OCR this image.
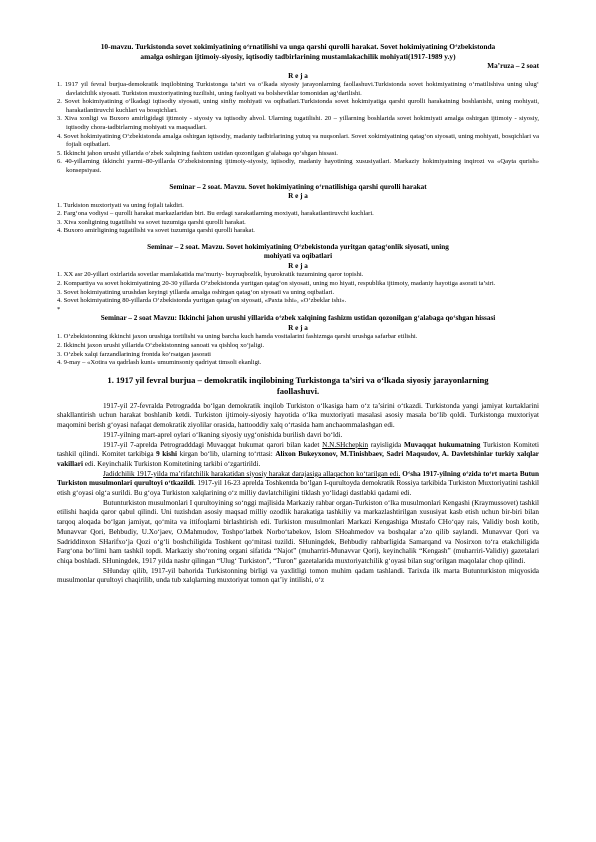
10-mavzu. Turkistonda sovet xokimiyatining o‘rnatilishi va unga qarshi qurolli harakat. Sovet hokimiyatining O‘zbekistonda
amalga oshirgan ijtimoiy-siyosiy, iqtisodiy tadbirlarining mustamlakachilik mohiyati(1917-1989 y.y)
Ma’ruza – 2 soat
R e j a
1. 1917 yil fevral burjua-demokratik inqilobining Turkistonga ta’siri va o‘lkada siyosiy jarayonlarning faollashuvi.Turkistonda sovet hokimiyatining o‘rnatilishiva uning ulug‘ davlatchilik siyosati. Turkiston muxtoriyatining tuzilishi, uning faoliyati va bolsheviklar tomonidan ag‘darilishi.
2. Sovet hokimiyatining o‘lkadagi iqtisodiy siyosati, uning sinfiy mohiyati va oqibatlari.Turkistonda sovet hokimiyatiga qarshi qurolli harakatning boshlanishi, uning mohiyati, harakatlantiruvchi kuchlari va bosqichlari.
3. Xiva xonligi va Buxoro amirligidagi ijtimoiy - siyosiy va iqtisodiy ahvol. Ularning tugatilishi. 20 – yillarning boshlarida sovet hokimiyati amalga oshirgan ijtimoiy - siyosiy, iqtisodiy chora-tadbirlarning mohiyati va maqsadlari.
4. Sovet hokimiyatining O‘zbekistonda amalga oshirgan iqtisodiy, madaniy tadbirlarining yutuq va nuqsonlari. Sovet xokimiyatining qatag‘on siyosati, uning mohiyati, bosqichlari va fojiali oqibatlari.
5. Ikkinchi jahon urushi yillarida o‘zbek xalqining fashizm ustidan qozonilgan g‘alabaga qo‘shgan hissasi.
6. 40-yillarning ikkinchi yarmi–80-yillarda O‘zbekistonning ijtimoiy-siyosiy, iqtisodiy, madaniy hayotining xususiyatlari. Markaziy hokimiyatning inqirozi va «Qayta qurish» konsepsiyasi.
Seminar – 2 soat. Mavzu. Sovet hokimiyatining o‘rnatilishiga qarshi qurolli harakat
R e j a
1. Turkiston muxtoriyati va uning fojiali takdiri.
2. Farg‘ona vodiysi – qurolli harakat markazlaridan biri. Bu erdagi xarakatlarning moxiyati, harakatlantiruvchi kuchlari.
3. Xiva xonligining tugatilishi va sovet tuzumiga qarshi qurolli harakat.
4. Buxoro amirligining tugatilishi va sovet tuzumiga qarshi qurolli harakat.
Seminar – 2 soat. Mavzu. Sovet hokimiyatining O‘zbekistonda yuritgan qatag‘onlik siyosati, uning
mohiyati va oqibatlari
R e j a
1. XX asr 20-yillari oxirlarida sovetlar mamlakatida ma’muriy- buyruqbozlik, byurokratik tuzumining qaror topishi.
2. Kompartiya va sovet hokimiyatining 20-30 yillarda O‘zbekistonda yuritgan qatag‘on siyosati, uning mo hiyati, respublika ijtimoiy, madaniy hayotiga asorati ta’siri.
3. Sovet hokimiyatining urushdan keyingi yillarda amalga oshirgan qatag‘on siyosati va uning oqibatlari.
4. Sovet hokimiyatining 80-yillarda O‘zbekistonda yuritgan qatag‘on siyosati, «Paxta ishi», «O‘zbeklar ishi».
*
Seminar – 2 soat Mavzu: Ikkinchi jahon urushi yillarida o‘zbek xalqining fashizm ustidan qozonilgan g‘alabaga qo‘shgan hissasi
R e j a
1. O‘zbekistonning ikkinchi jaxon urushiga tortilishi va uning barcha kuch hamda vositalarini fashizmga qarshi urushga safarbar etilishi.
2. Ikkinchi jaxon urushi yillarida O‘zbekistonning sanoati va qishloq xo‘jaligi.
3. O‘zbek xalqi farzandlarining frontda ko‘rsatgan jasorati
4. 9-may – «Xotira va qadrlash kuni» umuminsoniy qadriyat timsoli ekanligi.
1. 1917 yil fevral burjua – demokratik inqilobining Turkistonga ta’siri va o‘lkada siyosiy jarayonlarning
faollashuvi.

1917-yil 27-fevralda Petrogradda bo‘lgan demokratik inqilob Turkiston o‘lkasiga ham o‘z ta’sirini o‘tkazdi. Turkistonda yangi jamiyat kurtaklarini shakllantirish uchun harakat boshlanib ketdi. Turkiston ijtimoiy-siyosiy hayotida o‘lka muxtoriyati masalasi asosiy masala bo‘lib qoldi. Turkistonga muxtoriyat maqomini berish g‘oyasi nafaqat demokratik ziyolilar orasida, hattooddiy xalq o‘rtasida ham anchaommalashgan edi.

1917-yilning mart-aprel oylari o‘lkaning siyosiy uyg‘onishida burilish davri bo‘ldi.

1917-yil 7-aprelda Petrogradddagi Muvaqqat hukumat qarori bilan kadet N.N.SHchepkin rayisligida Muvaqqat hukumatning Turkiston Komiteti tashkil qilindi. Komitet tarkibiga 9 kishi kirgan bo‘lib, ularning to‘rttasi: Alixon Bukeyxonov, M.Tinishbaev, Sadri Maqsudov, A. Davletshinlar turkiy xalqlar vakillari edi. Keyinchalik Turkiston Komitetining tarkibi o‘zgartirildi.

Jadidchilik 1917-yilda ma’rifatchilik harakatidan siyosiy harakat darajasiga allaqachon ko‘tarilgan edi. O‘sha 1917-yilning o‘zida to‘rt marta Butun Turkiston musulmonlari qurultoyi o‘tkazildi. 1917-yil 16-23 aprelda Toshkentda bo‘lgan I-qurultoyda demokratik Rossiya tarkibida Turkiston Muxtoriyatini tashkil etish g‘oyasi olg‘a surildi. Bu g‘oya Turkiston xalqlarining o‘z milliy davlatchiligini tiklash yo‘lidagi dastlabki qadami edi.

Butunturkiston musulmonlari I qurultoyining so‘nggi majlisida Markaziy rahbar organ-Turkiston o‘lka musulmonlari Kengashi (Kraymussovet) tashkil etilishi haqida qaror qabul qilindi. Uni tuzishdan asosiy maqsad milliy ozodlik harakatiga tashkiliy va markazlashtirilgan xususiyat kasb etish uchun bir-biri bilan tarqoq aloqada bo‘lgan jamiyat, qo‘mita va ittifoqlarni birlashtirish edi. Turkiston musulmonlari Markazi Kengashiga Mustafo CHo‘qay rais, Validiy bosh kotib, Munavvar Qori, Behbudiy, U.Xo‘jaev, O.Mahmudov, Toshpo‘latbek Norbo‘tabekov, Islom SHoahmedov va boshqalar a’zo qilib saylandi. Munavvar Qori va Sadriddinxon SHarifxo‘ja Qozi o‘g‘li boshchiligida Toshkent qo‘mitasi tuzildi. SHuningdek, Behbudiy rahbarligida Samarqand va Nosirxon to‘ra etakchiligida Farg‘ona bo‘limi ham tashkil topdi. Markaziy sho‘roning organi sifatida “Najot” (muharriri-Munavvar Qori), keyinchalik “Kengash” (muharriri-Validiy) gazetalari chiqa boshladi. SHuningdek, 1917 yilda nashr qilingan “Ulug‘ Turkiston”, “Turon” gazetalarida muxtoriyatchilik g‘oyasi bilan sug‘orilgan maqolalar chop qilindi.

SHunday qilib, 1917-yil bahorida Turkistonning birligi va yaxlitligi tomon muhim qadam tashlandi. Tarixda ilk marta Butunturkiston miqyosida musulmonlar qurultoyi chaqirilib, unda tub xalqlarning muxtoriyat tomon qat’iy intilishi, o‘z
